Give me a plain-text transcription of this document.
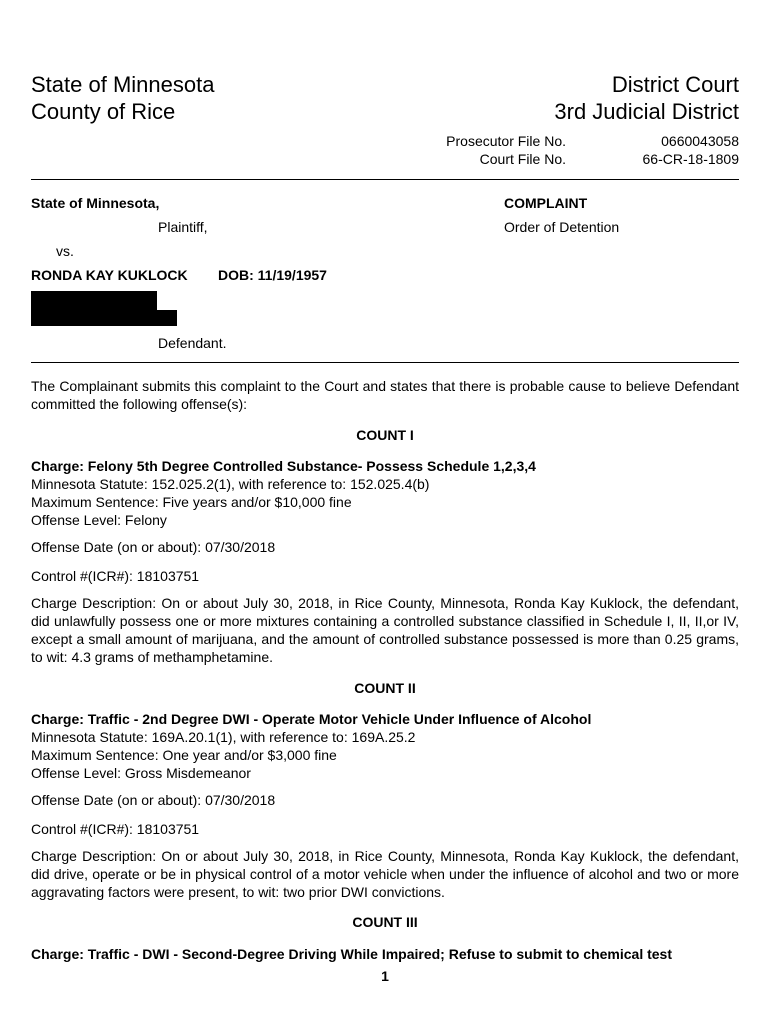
State of Minnesota
County of Rice
District Court
3rd Judicial District
Prosecutor File No.	0660043058
Court File No.	66-CR-18-1809
State of Minnesota,
Plaintiff,
vs.
RONDA KAY KUKLOCK DOB: 11/19/1957
Defendant.
COMPLAINT
Order of Detention
The Complainant submits this complaint to the Court and states that there is probable cause to believe Defendant committed the following offense(s):
COUNT I
Charge: Felony 5th Degree Controlled Substance- Possess Schedule 1,2,3,4
Minnesota Statute: 152.025.2(1), with reference to: 152.025.4(b)
Maximum Sentence: Five years and/or $10,000 fine
Offense Level: Felony
Offense Date (on or about): 07/30/2018
Control #(ICR#): 18103751
Charge Description: On or about July 30, 2018, in Rice County, Minnesota, Ronda Kay Kuklock, the defendant, did unlawfully possess one or more mixtures containing a controlled substance classified in Schedule I, II, II,or IV, except a small amount of marijuana, and the amount of controlled substance possessed is more than 0.25 grams, to wit: 4.3 grams of methamphetamine.
COUNT II
Charge: Traffic - 2nd Degree DWI - Operate Motor Vehicle Under Influence of Alcohol
Minnesota Statute: 169A.20.1(1), with reference to: 169A.25.2
Maximum Sentence: One year and/or $3,000 fine
Offense Level: Gross Misdemeanor
Offense Date (on or about): 07/30/2018
Control #(ICR#): 18103751
Charge Description: On or about July 30, 2018, in Rice County, Minnesota, Ronda Kay Kuklock, the defendant, did drive, operate or be in physical control of a motor vehicle when under the influence of alcohol and two or more aggravating factors were present, to wit: two prior DWI convictions.
COUNT III
Charge: Traffic - DWI - Second-Degree Driving While Impaired; Refuse to submit to chemical test
1
